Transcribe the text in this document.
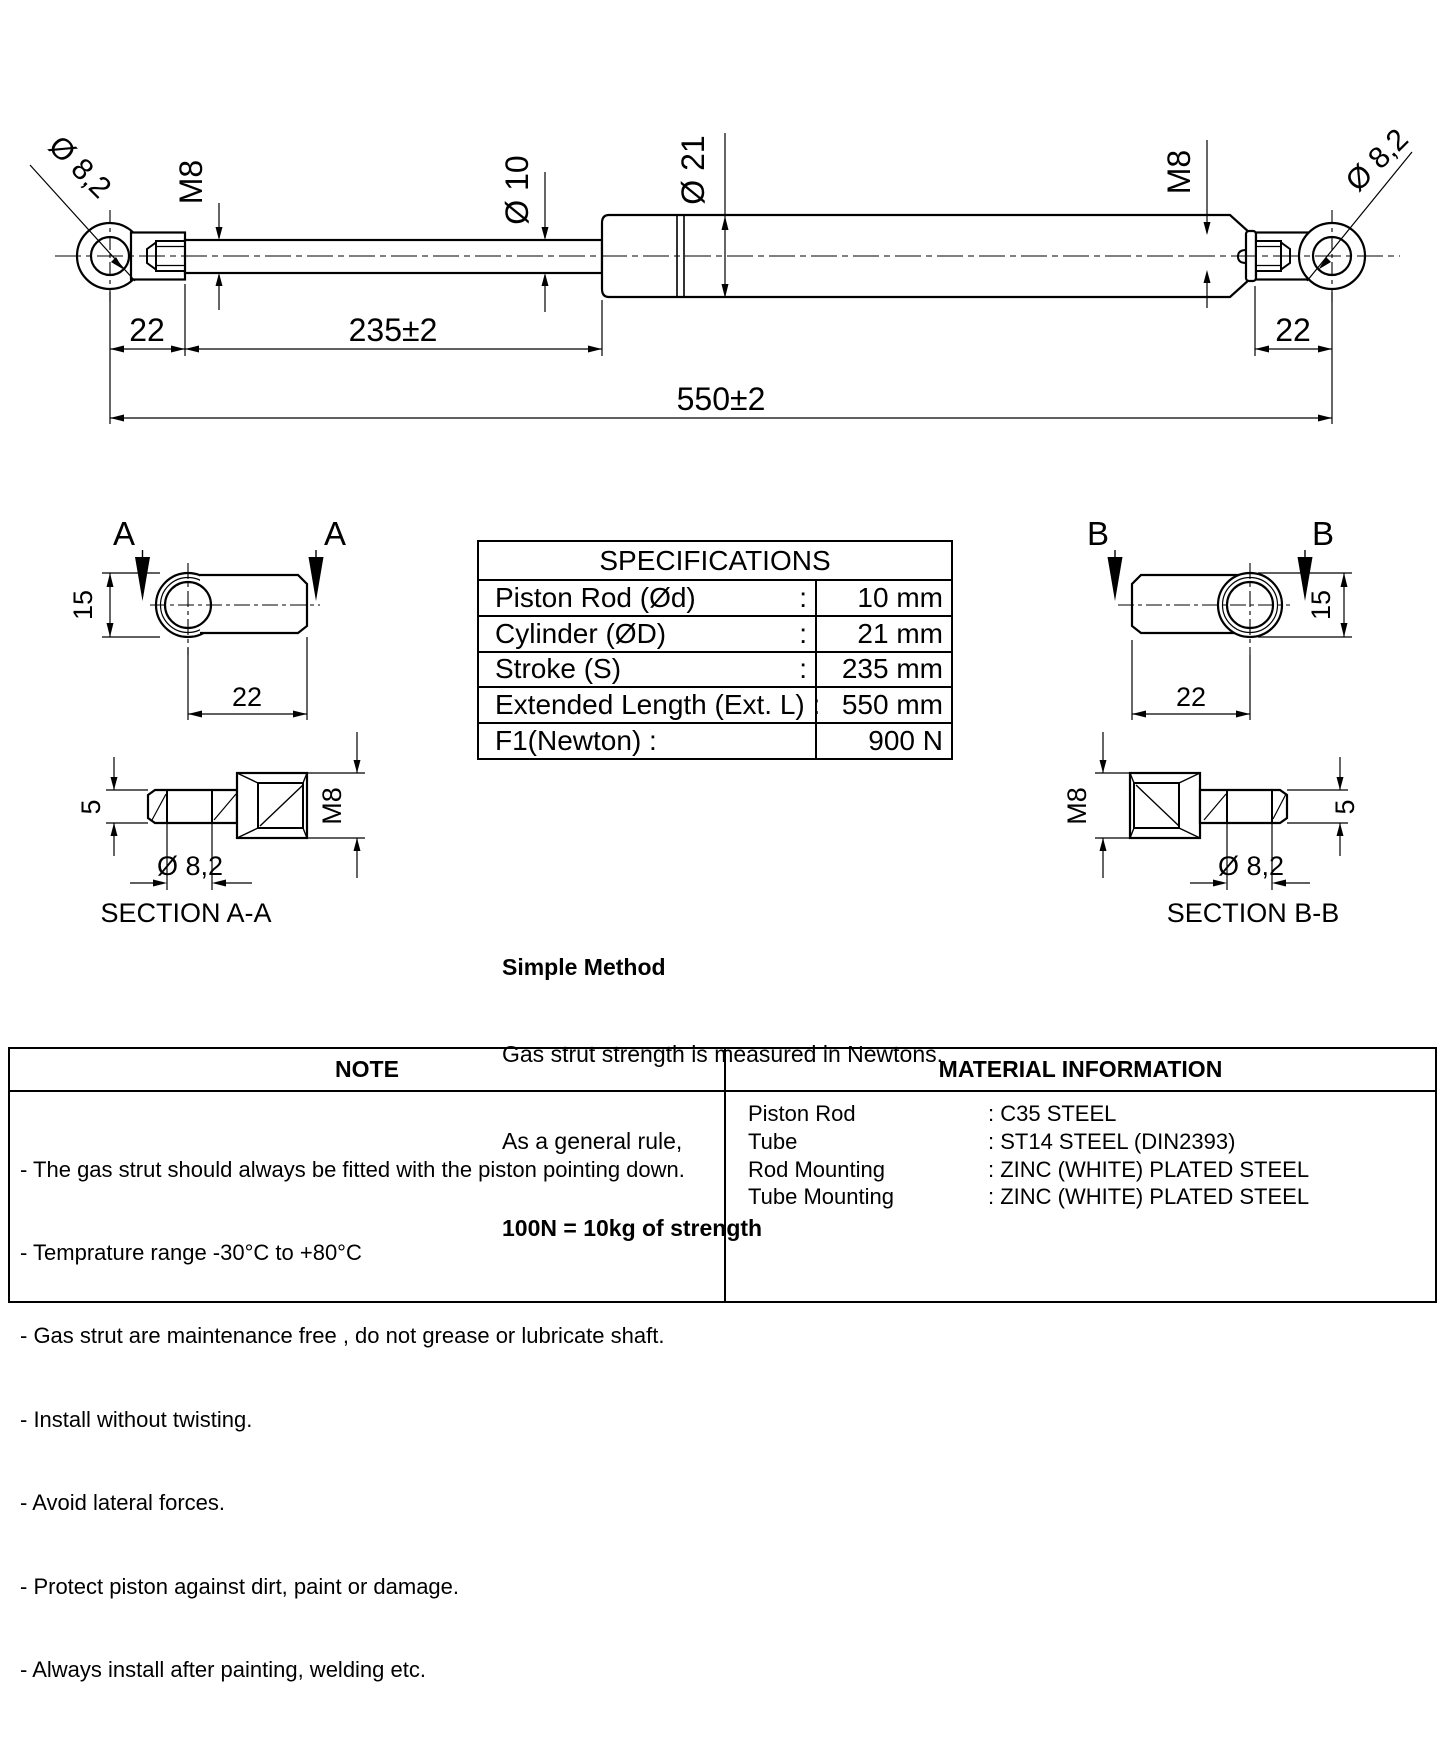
Ø 8,2 M8	Ø 10	Ø 21	M8	Ø 8,2
22	235±2	22
550±2
A	A
15
22
5	M8
Ø 8,2
SECTION A-A
B	B
15
22
M8	5
Ø 8,2
SECTION B-B
SPECIFICATIONS
Piston Rod (Ød)	:	10 mm
Cylinder (ØD)	:	21 mm
Stroke (S)	:	235 mm
Extended Length (Ext. L) : 550 mm
F1(Newton) :	900 N

Simple Method

Gas strut strength is measured in Newtons.

As a general rule,

100N = 10kg of strength

NOTE

- The gas strut should always be fitted with the piston pointing down.

- Temprature range -30°C to +80°C

- Gas strut are maintenance free , do not grease or lubricate shaft.

- Install without twisting.

- Avoid lateral forces.

- Protect piston against dirt, paint or damage.

- Always install after painting, welding etc.

MATERIAL INFORMATION
Piston Rod	: C35 STEEL
Tube	: ST14 STEEL (DIN2393)
Rod Mounting	: ZINC (WHITE) PLATED STEEL
Tube Mounting	: ZINC (WHITE) PLATED STEEL
